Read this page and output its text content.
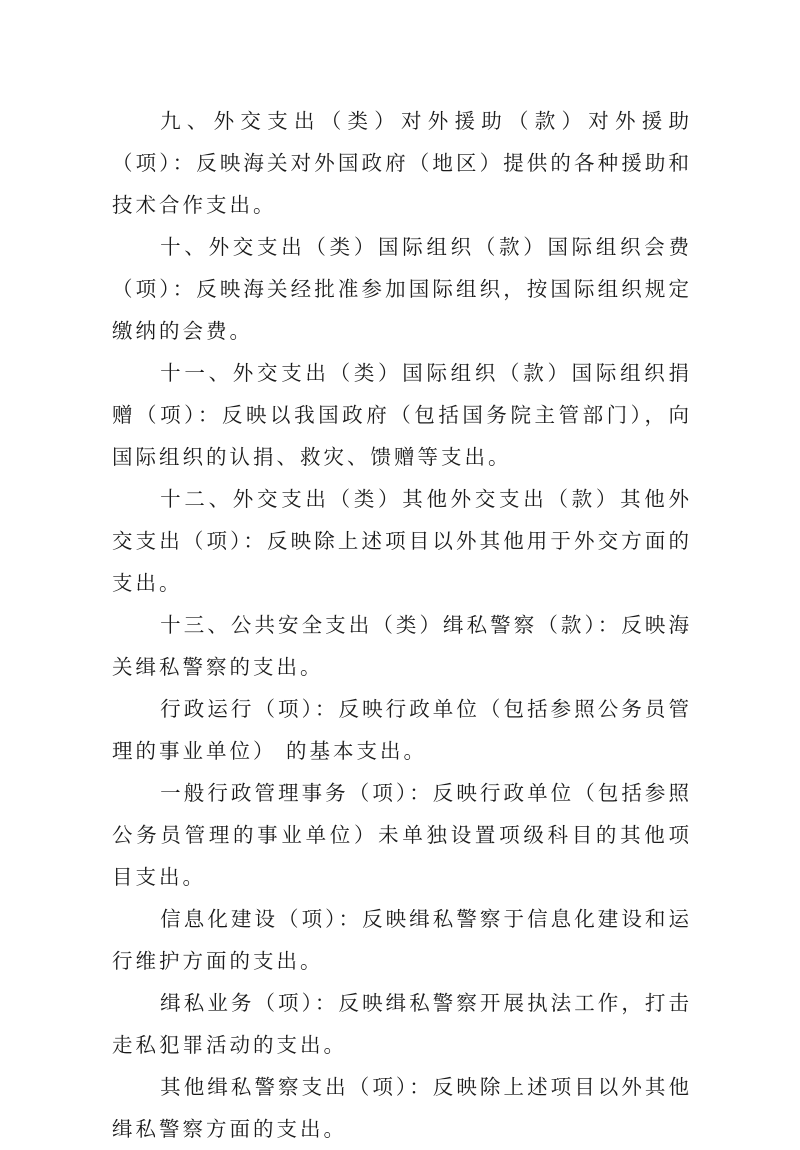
九、外交支出（类）对外援助（款）对外援助（项）：反映海关对外国政府（地区）提供的各种援助和技术合作支出。

十、外交支出（类）国际组织（款）国际组织会费（项）：反映海关经批准参加国际组织，按国际组织规定缴纳的会费。

十一、外交支出（类）国际组织（款）国际组织捐赠（项）：反映以我国政府（包括国务院主管部门），向国际组织的认捐、救灾、馈赠等支出。

十二、外交支出（类）其他外交支出（款）其他外交支出（项）：反映除上述项目以外其他用于外交方面的支出。

十三、公共安全支出（类）缉私警察（款）：反映海关缉私警察的支出。

行政运行（项）：反映行政单位（包括参照公务员管理的事业单位） 的基本支出。

一般行政管理事务（项）：反映行政单位（包括参照公务员管理的事业单位）未单独设置项级科目的其他项目支出。

信息化建设（项）：反映缉私警察于信息化建设和运行维护方面的支出。

缉私业务（项）：反映缉私警察开展执法工作，打击走私犯罪活动的支出。

其他缉私警察支出（项）：反映除上述项目以外其他缉私警察方面的支出。
